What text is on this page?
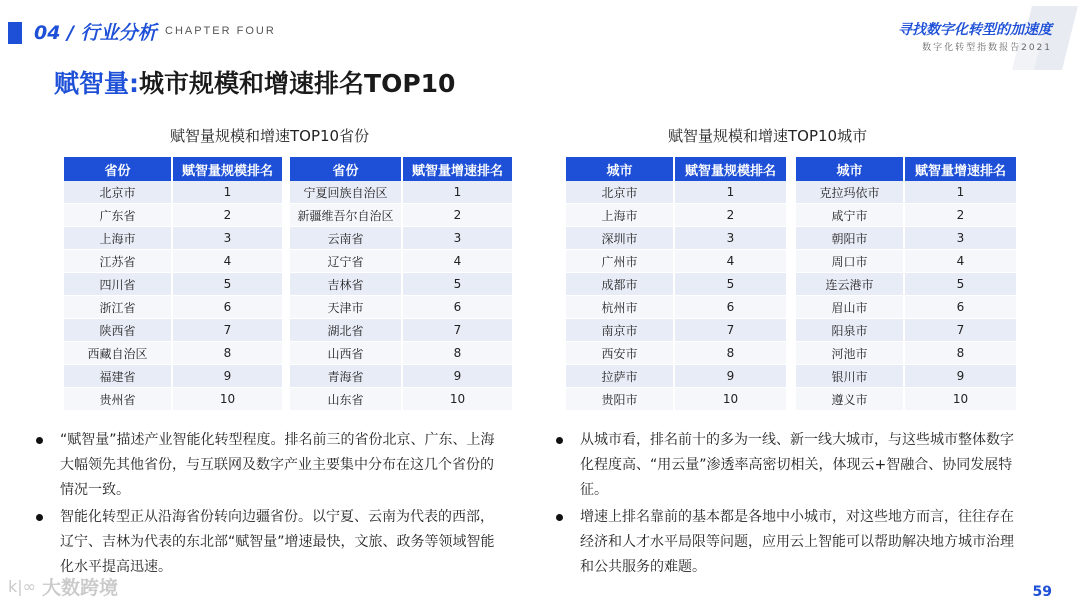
04 / 行业分析 CHAPTER FOUR	寻找数字化转型的加速度
数字化转型指数报告2021
赋智量:城市规模和增速排名TOP10
赋智量规模和增速TOP10省份	赋智量规模和增速TOP10城市
省份	赋智量规模排名
北京市	1
广东省	2
上海市	3
江苏省	4
四川省	5
浙江省	6
陕西省	7
西藏自治区	8
福建省	9
贵州省	10
省份	赋智量增速排名
宁夏回族自治区	1
新疆维吾尔自治区	2
云南省	3
辽宁省	4
吉林省	5
天津市	6
湖北省	7
山西省	8
青海省	9
山东省	10
城市	赋智量规模排名
北京市	1
上海市	2
深圳市	3
广州市	4
成都市	5
杭州市	6
南京市	7
西安市	8
拉萨市	9
贵阳市	10
城市	赋智量增速排名
克拉玛依市	1
咸宁市	2
朝阳市	3
周口市	4
连云港市	5
眉山市	6
阳泉市	7
河池市	8
银川市	9
遵义市	10
“赋智量”描述产业智能化转型程度。排名前三的省份北京、广东、上海大幅领先其他省份，与互联网及数字产业主要集中分布在这几个省份的情况一致。
智能化转型正从沿海省份转向边疆省份。以宁夏、云南为代表的西部，辽宁、吉林为代表的东北部“赋智量”增速最快，文旅、政务等领域智能化水平提高迅速。
从城市看，排名前十的多为一线、新一线大城市，与这些城市整体数字化程度高、“用云量”渗透率高密切相关，体现云+智融合、协同发展特征。
增速上排名靠前的基本都是各地中小城市，对这些地方而言，往往存在经济和人才水平局限等问题，应用云上智能可以帮助解决地方城市治理和公共服务的难题。
k|∞ 大数跨境	59
